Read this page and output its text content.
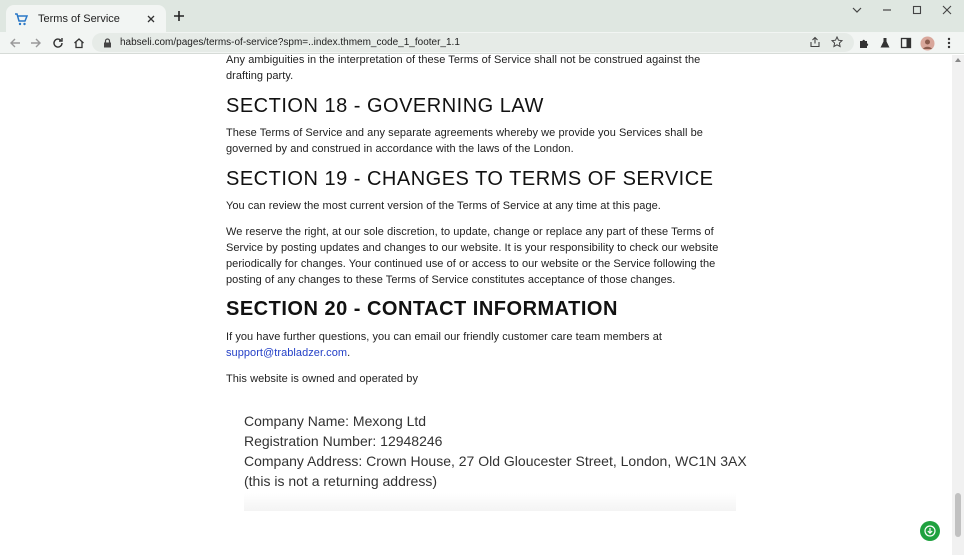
Terms of Service
habseli.com/pages/terms-of-service?spm=..index.thmem_code_1_footer_1.1

Any ambiguities in the interpretation of these Terms of Service shall not be construed against the drafting party.

SECTION 18 - GOVERNING LAW

These Terms of Service and any separate agreements whereby we provide you Services shall be governed by and construed in accordance with the laws of the London.

SECTION 19 - CHANGES TO TERMS OF SERVICE

You can review the most current version of the Terms of Service at any time at this page.

We reserve the right, at our sole discretion, to update, change or replace any part of these Terms of Service by posting updates and changes to our website. It is your responsibility to check our website periodically for changes. Your continued use of or access to our website or the Service following the posting of any changes to these Terms of Service constitutes acceptance of those changes.

SECTION 20 - CONTACT INFORMATION

If you have further questions, you can email our friendly customer care team members at
support@trabladzer.com.

This website is owned and operated by

Company Name: Mexong Ltd
Registration Number: 12948246
Company Address: Crown House, 27 Old Gloucester Street, London, WC1N 3AX
(this is not a returning address)
